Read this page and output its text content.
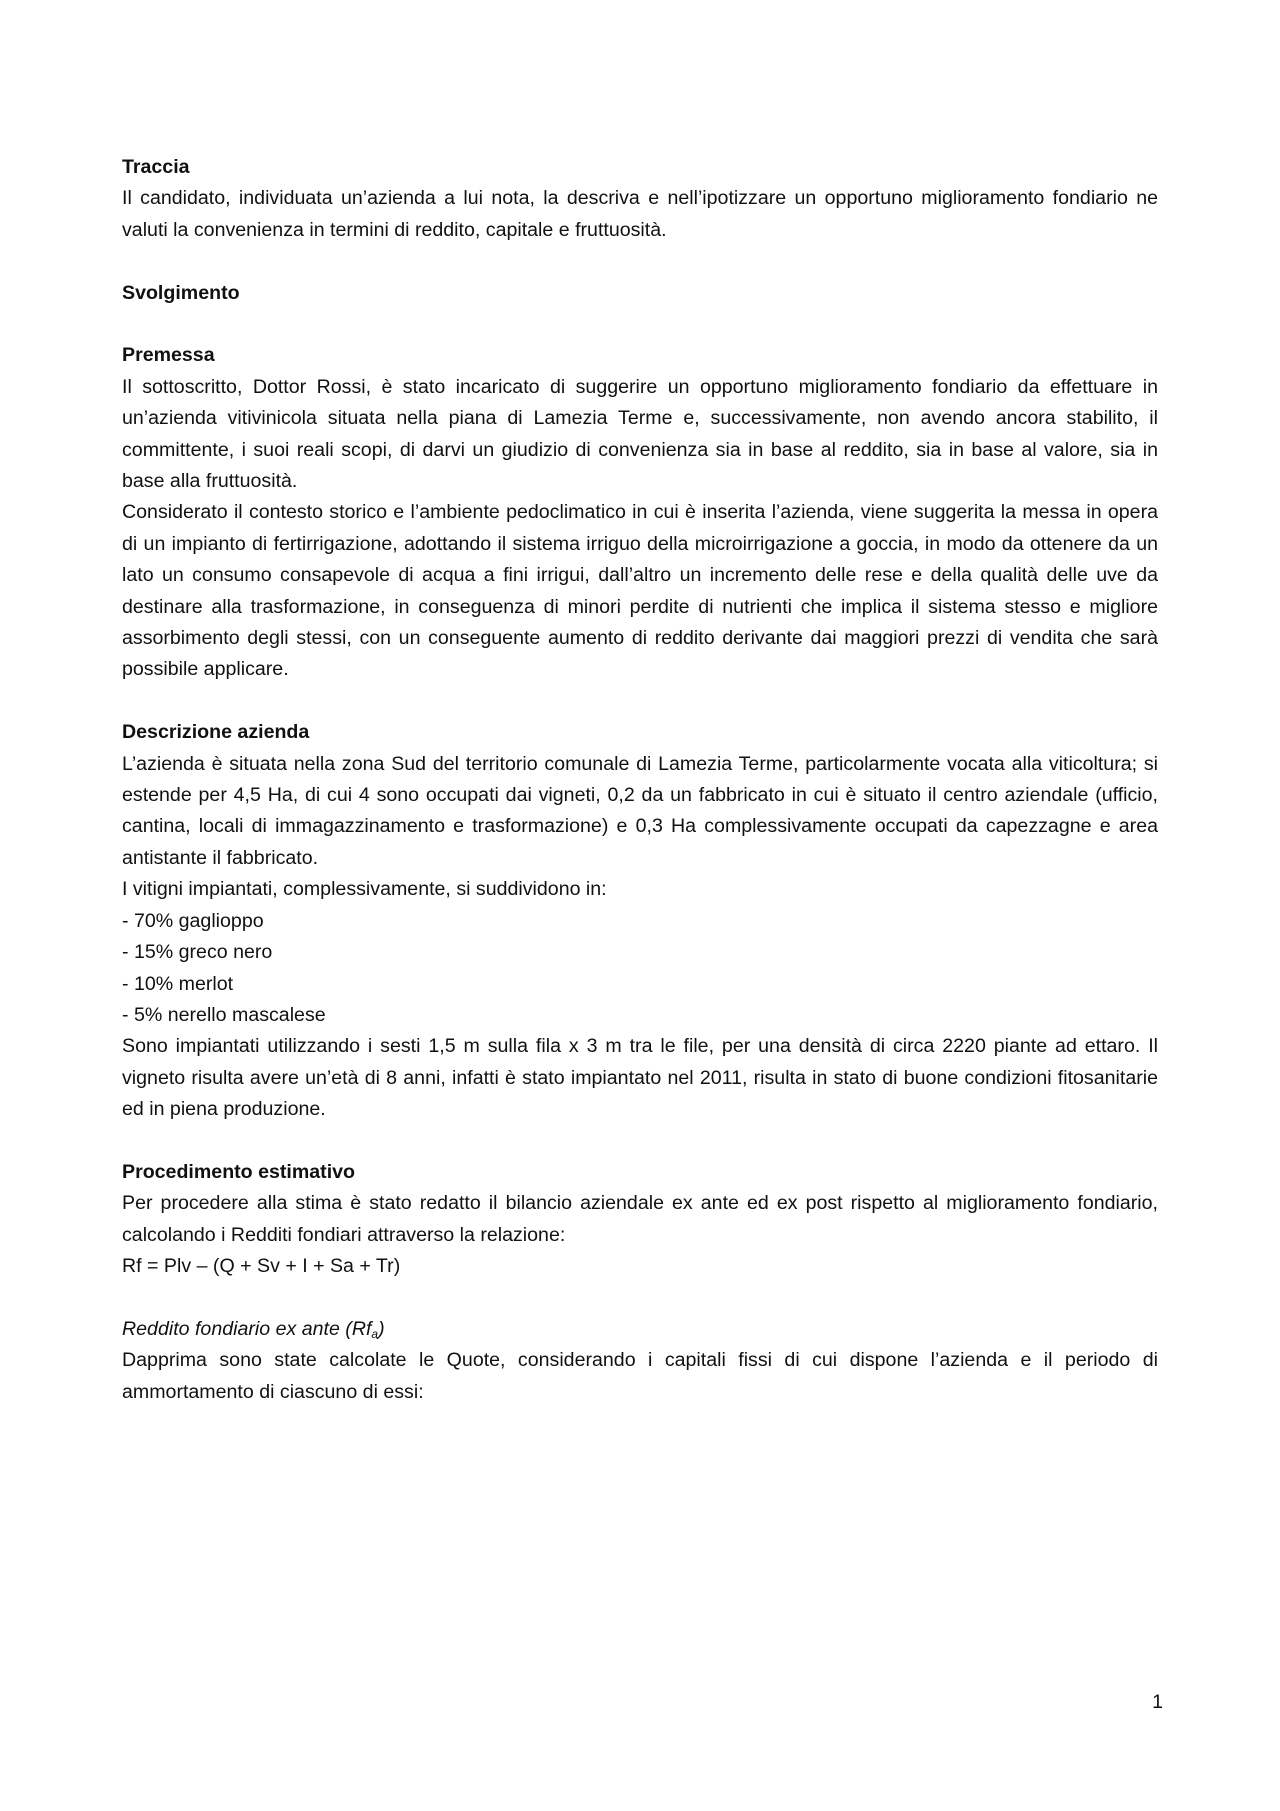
Traccia

Il candidato, individuata un’azienda a lui nota, la descriva e nell’ipotizzare un opportuno miglioramento fondiario ne valuti la convenienza in termini di reddito, capitale e fruttuosità.

Svolgimento

Premessa

Il sottoscritto, Dottor Rossi, è stato incaricato di suggerire un opportuno miglioramento fondiario da effettuare in un’azienda vitivinicola situata nella piana di Lamezia Terme e, successivamente, non avendo ancora stabilito, il committente, i suoi reali scopi, di darvi un giudizio di convenienza sia in base al reddito, sia in base al valore, sia in base alla fruttuosità.

Considerato il contesto storico e l’ambiente pedoclimatico in cui è inserita l’azienda, viene suggerita la messa in opera di un impianto di fertirrigazione, adottando il sistema irriguo della microirrigazione a goccia, in modo da ottenere da un lato un consumo consapevole di acqua a fini irrigui, dall’altro un incremento delle rese e della qualità delle uve da destinare alla trasformazione, in conseguenza di minori perdite di nutrienti che implica il sistema stesso e migliore assorbimento degli stessi, con un conseguente aumento di reddito derivante dai maggiori prezzi di vendita che sarà possibile applicare.

Descrizione azienda

L’azienda è situata nella zona Sud del territorio comunale di Lamezia Terme, particolarmente vocata alla viticoltura; si estende per 4,5 Ha, di cui 4 sono occupati dai vigneti, 0,2 da un fabbricato in cui è situato il centro aziendale (ufficio, cantina, locali di immagazzinamento e trasformazione) e 0,3 Ha complessivamente occupati da capezzagne e area antistante il fabbricato.

I vitigni impiantati, complessivamente, si suddividono in:

- 70% gaglioppo

- 15% greco nero

- 10% merlot

- 5% nerello mascalese

Sono impiantati utilizzando i sesti 1,5 m sulla fila x 3 m tra le file, per una densità di circa 2220 piante ad ettaro. Il vigneto risulta avere un’età di 8 anni, infatti è stato impiantato nel 2011, risulta in stato di buone condizioni fitosanitarie ed in piena produzione.

Procedimento estimativo

Per procedere alla stima è stato redatto il bilancio aziendale ex ante ed ex post rispetto al miglioramento fondiario, calcolando i Redditi fondiari attraverso la relazione:

Rf = Plv – (Q + Sv + I + Sa + Tr)

Reddito fondiario ex ante $(Rf_a)$

Dapprima sono state calcolate le Quote, considerando i capitali fissi di cui dispone l’azienda e il periodo di ammortamento di ciascuno di essi:

1
